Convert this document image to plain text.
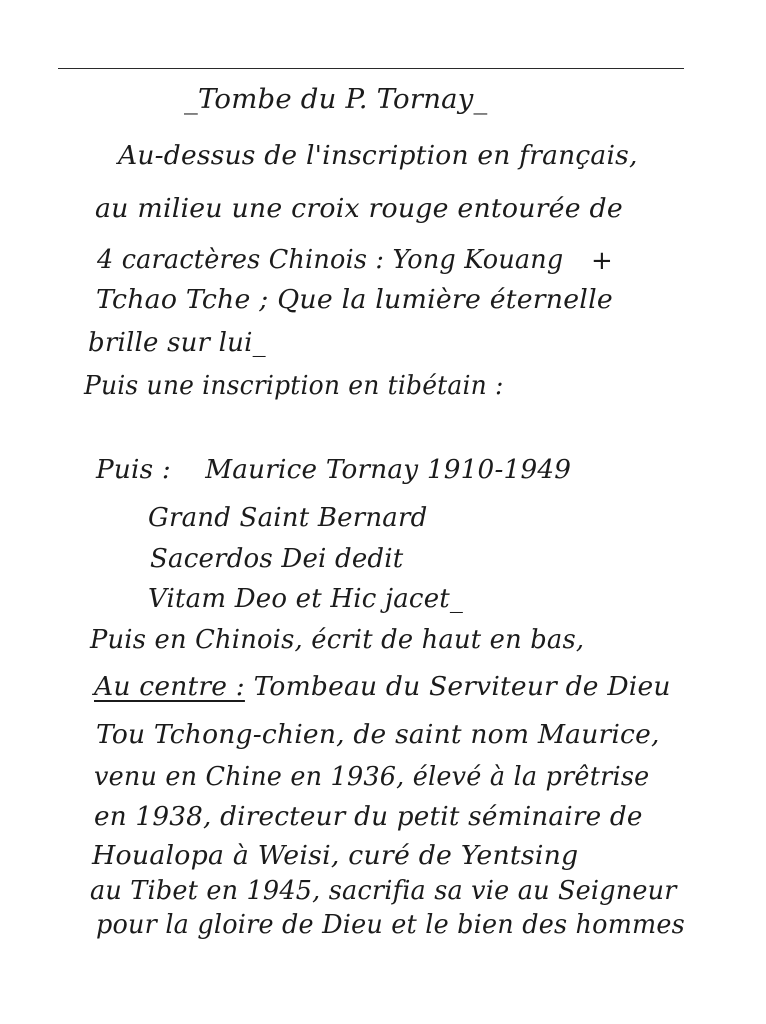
_Tombe du P. Tornay_
Au-dessus de l'inscription en français,
au milieu une croix rouge entourée de
4 caractères Chinois : Yong Kouang +
Tchao Tche ; Que la lumière éternelle
brille sur lui_
Puis une inscription en tibétain :
Puis : Maurice Tornay 1910-1949
Grand Saint Bernard
Sacerdos Dei dedit
Vitam Deo et Hic jacet_
Puis en Chinois, écrit de haut en bas,
Au centre : Tombeau du Serviteur de Dieu
Tou Tchong-chien, de saint nom Maurice,
venu en Chine en 1936, élevé à la prêtrise
en 1938, directeur du petit séminaire de
Houalopa à Weisi, curé de Yentsing
au Tibet en 1945, sacrifia sa vie au Seigneur
pour la gloire de Dieu et le bien des hommes
